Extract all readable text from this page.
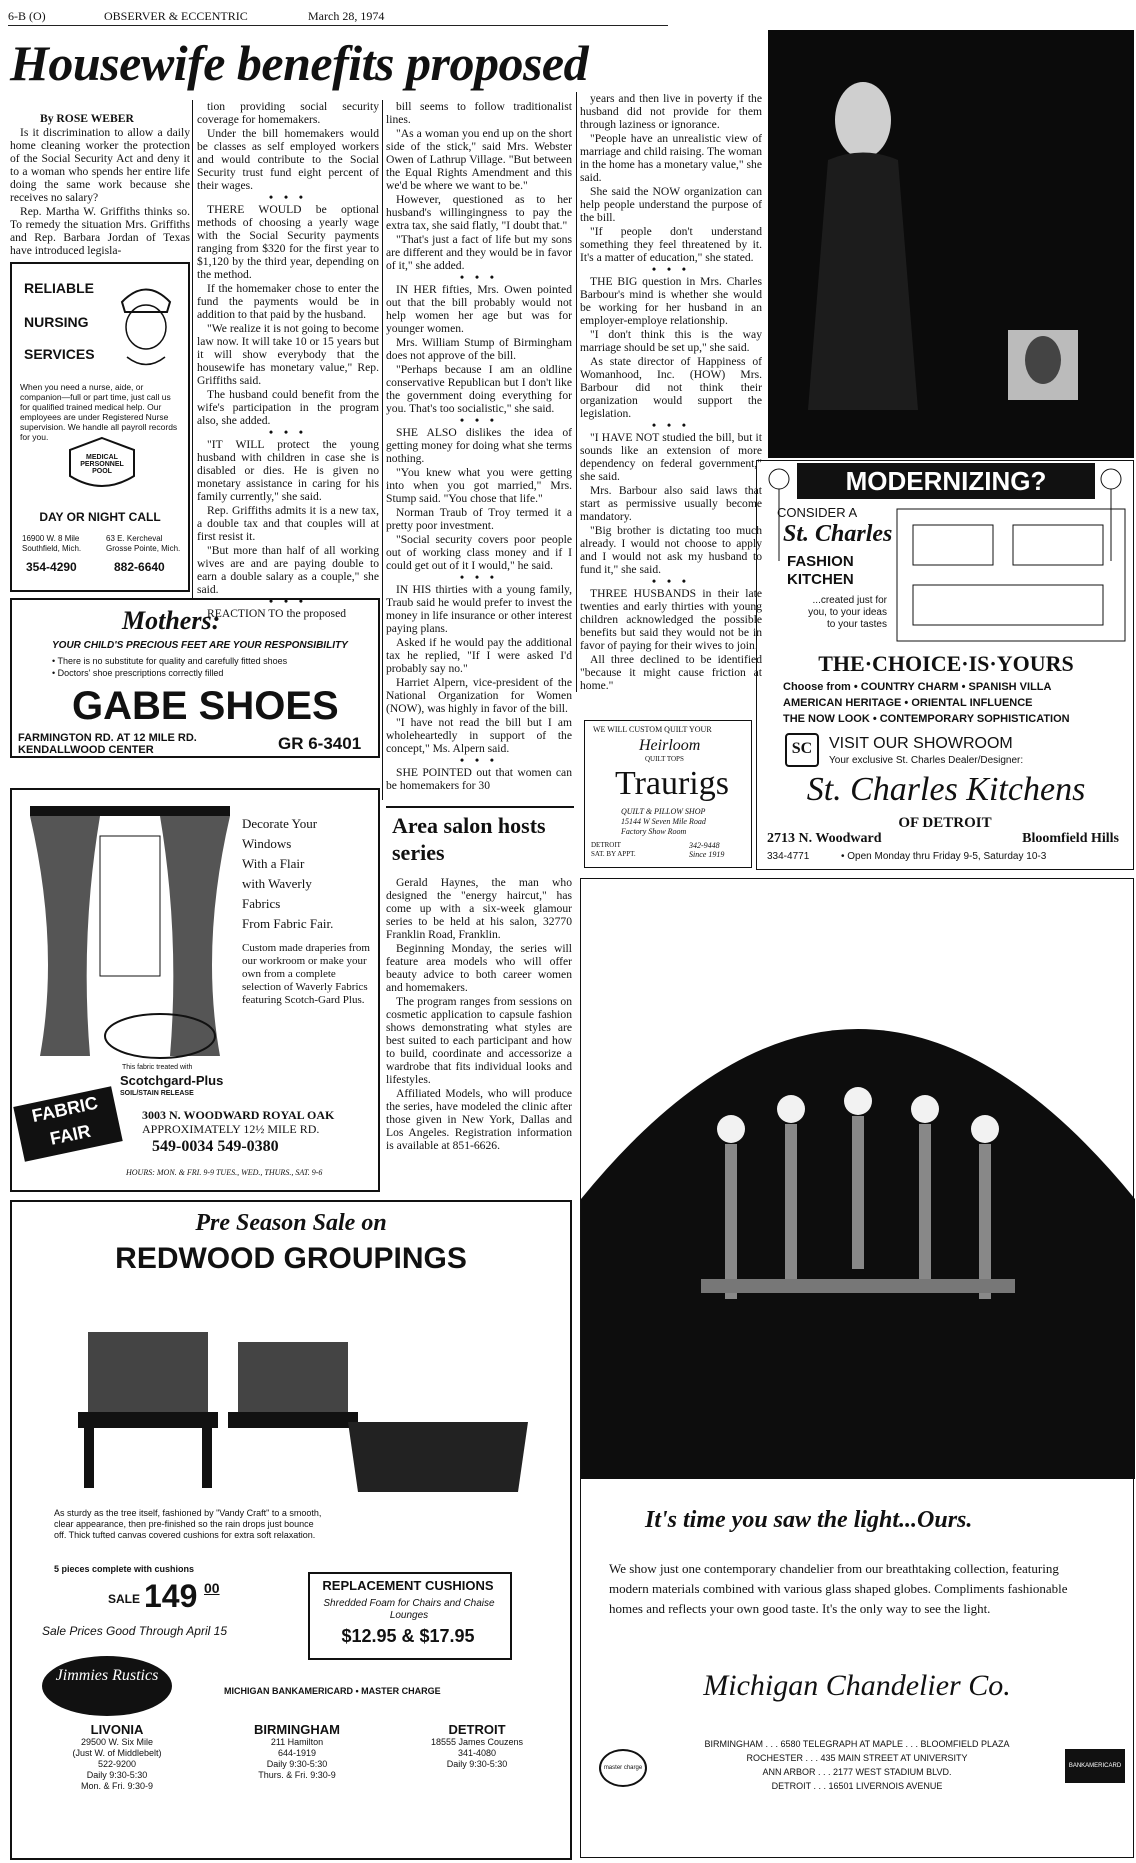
6-B (O)	OBSERVER & ECCENTRIC	March 28, 1974
Housewife benefits proposed

By ROSE WEBER

Is it discrimination to allow a daily home cleaning worker the protection of the Social Security Act and deny it to a woman who spends her entire life doing the same work because she receives no salary?

Rep. Martha W. Griffiths thinks so. To remedy the situation Mrs. Griffiths and Rep. Barbara Jordan of Texas have introduced legisla-

tion providing social security coverage for homemakers.

Under the bill homemakers would be classes as self employed workers and would contribute to the Social Security trust fund eight percent of their wages.

• • •

THERE WOULD be optional methods of choosing a yearly wage with the Social Security payments ranging from $320 for the first year to $1,120 by the third year, depending on the method.

If the homemaker chose to enter the fund the payments would be in addition to that paid by the husband.

"We realize it is not going to become law now. It will take 10 or 15 years but it will show everybody that the housewife has monetary value," Rep. Griffiths said.

The husband could benefit from the wife's participation in the program also, she added.

• • •

"IT WILL protect the young husband with children in case she is disabled or dies. He is given no monetary assistance in caring for his family currently," she said.

Rep. Griffiths admits it is a new tax, a double tax and that couples will at first resist it.

"But more than half of all working wives are and are paying double to earn a double salary as a couple," she said.

• • •

REACTION TO the proposed

bill seems to follow traditionalist lines.

"As a woman you end up on the short side of the stick," said Mrs. Webster Owen of Lathrup Village. "But between the Equal Rights Amendment and this we'd be where we want to be."

However, questioned as to her husband's willingingness to pay the extra tax, she said flatly, "I doubt that."

"That's just a fact of life but my sons are different and they would be in favor of it," she added.

• • •

IN HER fifties, Mrs. Owen pointed out that the bill probably would not help women her age but was for younger women.

Mrs. William Stump of Birmingham does not approve of the bill.

"Perhaps because I am an oldline conservative Republican but I don't like the government doing everything for you. That's too socialistic," she said.

• • •

SHE ALSO dislikes the idea of getting money for doing what she terms nothing.

"You knew what you were getting into when you got married," Mrs. Stump said. "You chose that life."

Norman Traub of Troy termed it a pretty poor investment.

"Social security covers poor people out of working class money and if I could get out of it I would," he said.

• • •

IN HIS thirties with a young family, Traub said he would prefer to invest the money in life insurance or other interest paying plans.

Asked if he would pay the additional tax he replied, "If I were asked I'd probably say no."

Harriet Alpern, vice-president of the National Organization for Women (NOW), was highly in favor of the bill.

"I have not read the bill but I am wholeheartedly in support of the concept," Ms. Alpern said.

• • •

SHE POINTED out that women can be homemakers for 30

years and then live in poverty if the husband did not provide for them through laziness or ignorance.

"People have an unrealistic view of marriage and child raising. The woman in the home has a monetary value," she said.

She said the NOW organization can help people understand the purpose of the bill.

"If people don't understand something they feel threatened by it. It's a matter of education," she stated.

• • •

THE BIG question in Mrs. Charles Barbour's mind is whether she would be working for her husband in an employer-employe relationship.

"I don't think this is the way marriage should be set up," she said.

As state director of Happiness of Womanhood, Inc. (HOW) Mrs. Barbour did not think their organization would support the legislation.

• • •

"I HAVE NOT studied the bill, but it sounds like an extension of more dependency on federal government," she said.

Mrs. Barbour also said laws that start as permissive usually become mandatory.

"Big brother is dictating too much already. I would not choose to apply and I would not ask my husband to fund it," she said.

• • •

THREE HUSBANDS in their late twenties and early thirties with young children acknowledged the possible benefits but said they would not be in favor of paying for their wives to join.

All three declined to be identified "because it might cause friction at home."

RELIABLE
NURSING
SERVICES
When you need a nurse, aide, or companion—full or part time, just call us for qualified trained medical help. Our employees are under Registered Nurse supervision. We handle all payroll records for you.
MEDICAL PERSONNEL POOL
DAY OR NIGHT CALL
16900 W. 8 Mile
Southfield, Mich.
63 E. Kercheval
Grosse Pointe, Mich.
354-4290	882-6640
Mothers:
YOUR CHILD'S PRECIOUS FEET ARE YOUR RESPONSIBILITY
• There is no substitute for quality and carefully fitted shoes
• Doctors' shoe prescriptions correctly filled
GABE SHOES
FARMINGTON RD. AT 12 MILE RD.
KENDALLWOOD CENTER	GR 6-3401
Decorate Your
Windows
With a Flair
with Waverly
Fabrics
From Fabric Fair.
Custom made draperies from our workroom or make your own from a complete selection of Waverly Fabrics featuring Scotch-Gard Plus.
This fabric treated with
Scotchgard-Plus
SOIL/STAIN RELEASE
FABRIC FAIR
3003 N. WOODWARD ROYAL OAK
APPROXIMATELY 12½ MILE RD.
549-0034 549-0380
HOURS: MON. & FRI. 9-9 TUES., WED., THURS., SAT. 9-6
Area salon hosts series

Gerald Haynes, the man who designed the "energy haircut," has come up with a six-week glamour series to be held at his salon, 32770 Franklin Road, Franklin.

Beginning Monday, the series will feature area models who will offer beauty advice to both career women and homemakers.

The program ranges from sessions on cosmetic application to capsule fashion shows demonstrating what styles are best suited to each participant and how to build, coordinate and accessorize a wardrobe that fits individual looks and lifestyles.

Affiliated Models, who will produce the series, have modeled the clinic after those given in New York, Dallas and Los Angeles. Registration information is available at 851-6626.

WE WILL CUSTOM QUILT YOUR
Heirloom
QUILT TOPS
Traurigs
QUILT & PILLOW SHOP
15144 W Seven Mile Road
Factory Show Room
DETROIT
SAT. BY APPT.
342-9448
Since 1919
MODERNIZING?
CONSIDER A
St. Charles
FASHION
KITCHEN
...created just for you, to your ideas to your tastes
THE·CHOICE·IS·YOURS
Choose from • COUNTRY CHARM • SPANISH VILLA
AMERICAN HERITAGE • ORIENTAL INFLUENCE
THE NOW LOOK • CONTEMPORARY SOPHISTICATION
SC	VISIT OUR SHOWROOM
Your exclusive St. Charles Dealer/Designer:
St. Charles Kitchens
OF DETROIT
2713 N. Woodward	Bloomfield Hills
334-4771	• Open Monday thru Friday 9-5, Saturday 10-3
Pre Season Sale on
REDWOOD GROUPINGS
As sturdy as the tree itself, fashioned by "Vandy Craft" to a smooth, clear appearance, then pre-finished so the rain drops just bounce off. Thick tufted canvas covered cushions for extra soft relaxation.
5 pieces complete with cushions
SALE 149 00
Sale Prices Good Through April 15
REPLACEMENT CUSHIONS
Shredded Foam for Chairs and Chaise Lounges
$12.95 & $17.95
Jimmies Rustics
MICHIGAN BANKAMERICARD • MASTER CHARGE
LIVONIA
29500 W. Six Mile
(Just W. of Middlebelt)
522-9200
Daily 9:30-5:30
Mon. & Fri. 9:30-9
BIRMINGHAM
211 Hamilton
644-1919
Daily 9:30-5:30
Thurs. & Fri. 9:30-9
DETROIT
18555 James Couzens
341-4080
Daily 9:30-5:30
It's time you saw the light...Ours.
We show just one contemporary chandelier from our breathtaking collection, featuring modern materials combined with various glass shaped globes. Compliments fashionable homes and reflects your own good taste. It's the only way to see the light.
Michigan Chandelier Co.
BIRMINGHAM . . . 6580 TELEGRAPH AT MAPLE . . . BLOOMFIELD PLAZA
ROCHESTER . . . 435 MAIN STREET AT UNIVERSITY
ANN ARBOR . . . 2177 WEST STADIUM BLVD.
DETROIT . . . 16501 LIVERNOIS AVENUE
master charge	BANKAMERICARD
